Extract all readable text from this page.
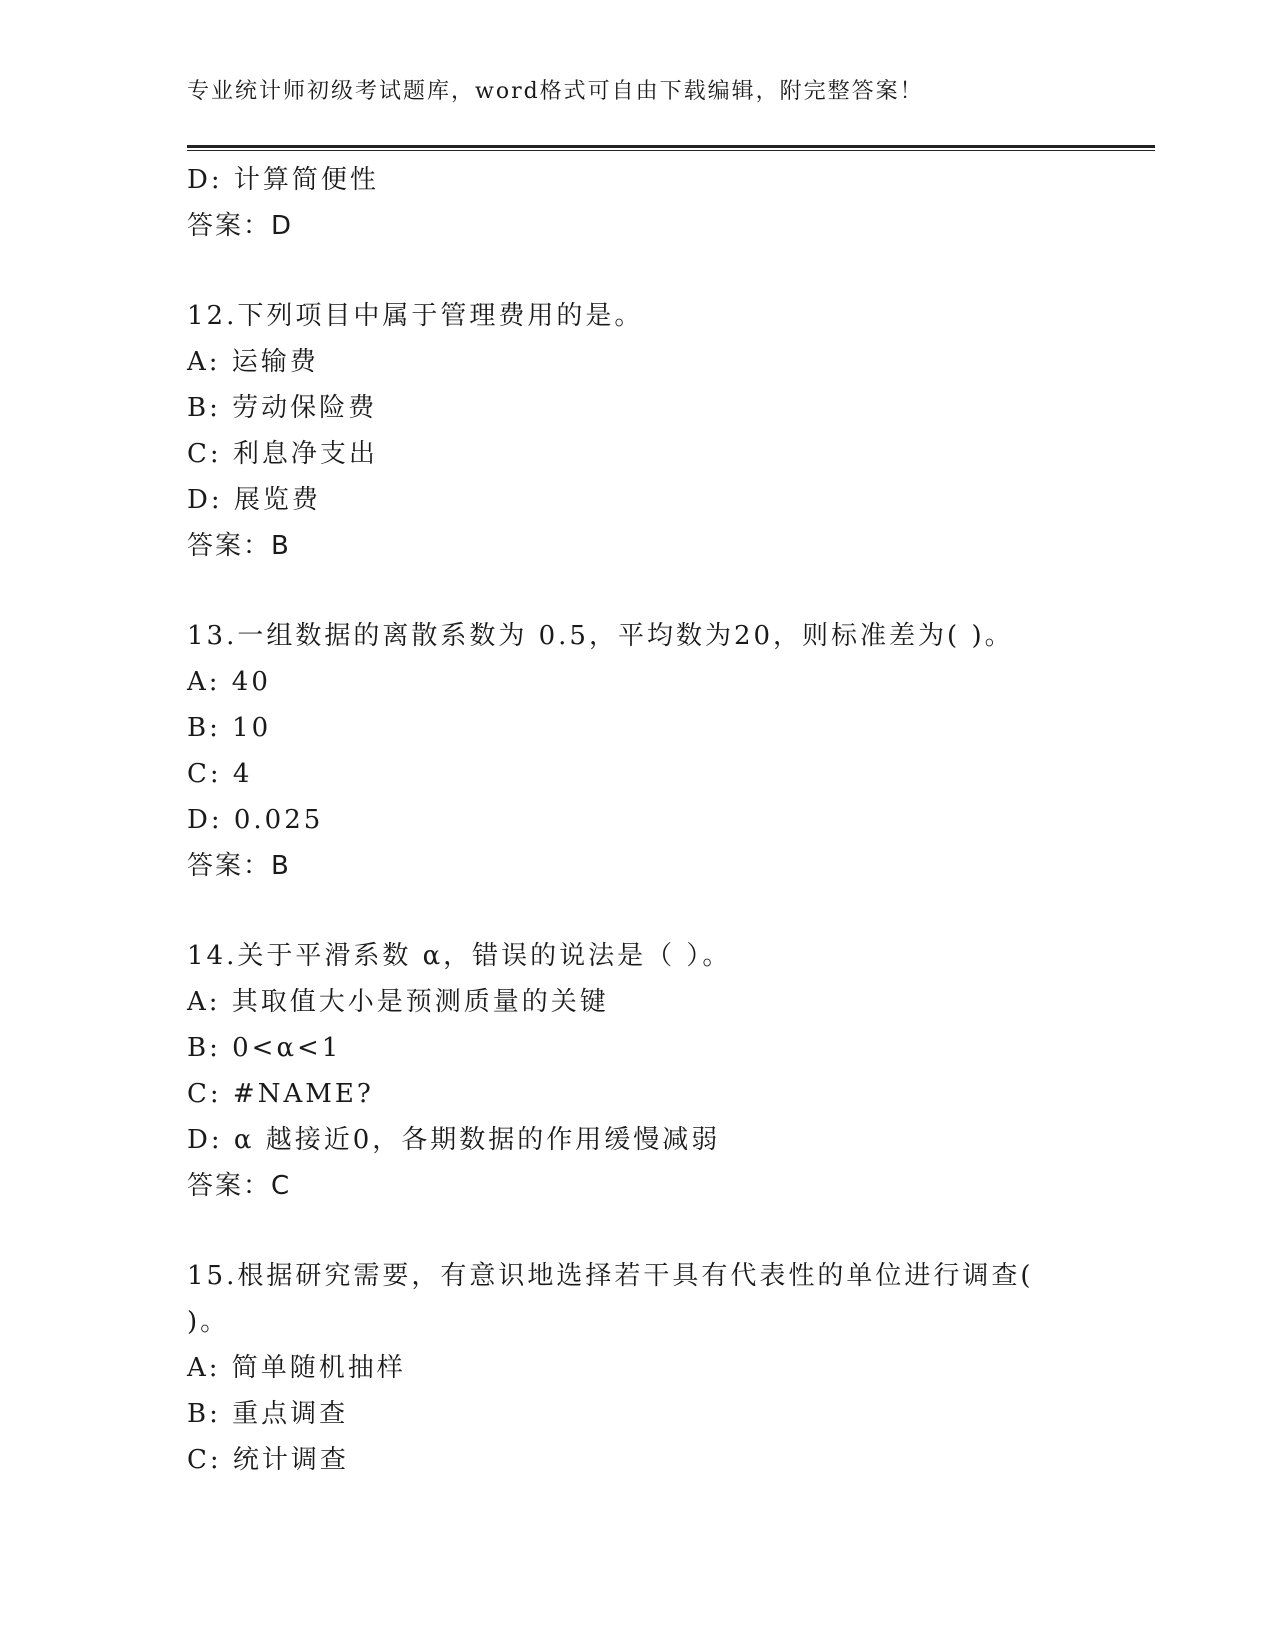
专业统计师初级考试题库，word格式可自由下载编辑，附完整答案！
D: 计算简便性
答案：D
12.下列项目中属于管理费用的是。
A: 运输费
B: 劳动保险费
C: 利息净支出
D: 展览费
答案：B
13.一组数据的离散系数为 0.5，平均数为20，则标准差为( )。
A: 40
B: 10
C: 4
D: 0.025
答案：B
14.关于平滑系数 α，错误的说法是（ ）。
A: 其取值大小是预测质量的关键
B: 0<α<1
C: #NAME?
D: α 越接近0，各期数据的作用缓慢减弱
答案：C
15.根据研究需要，有意识地选择若干具有代表性的单位进行调查(
)。
A: 简单随机抽样
B: 重点调查
C: 统计调查
